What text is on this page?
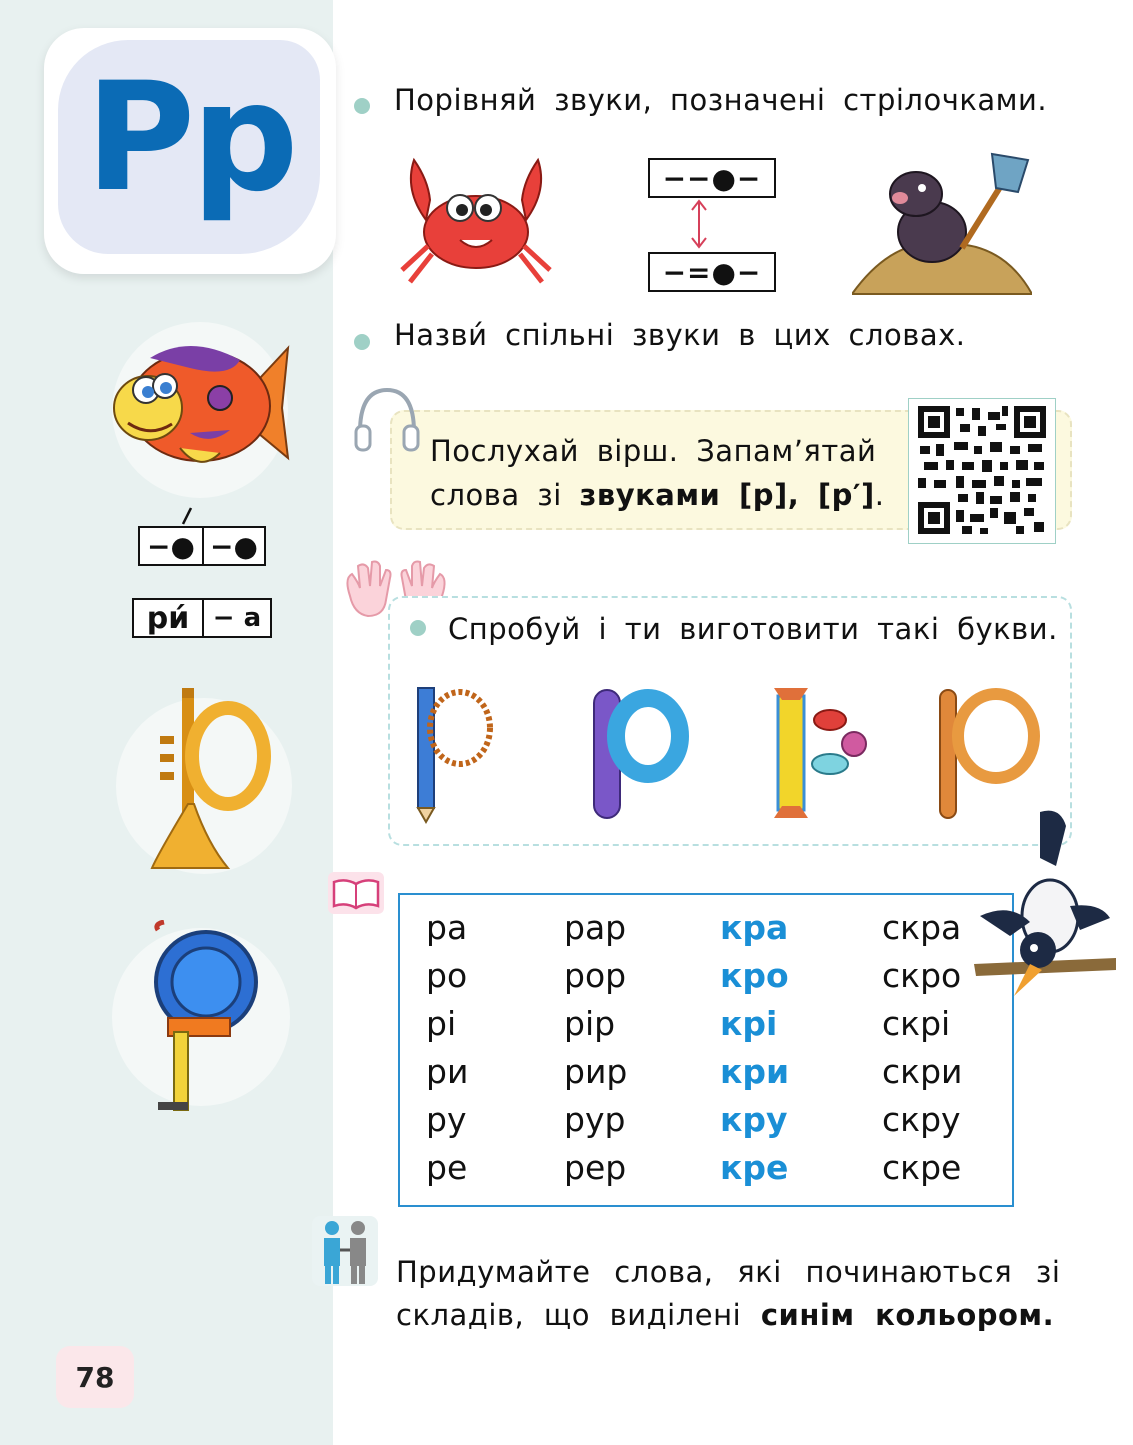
Рр
−● −●
ри́ − а
Порівняй звуки, позначені стрілочками.
−−●−
−=●−
Назви́ спільні звуки в цих словах.
Послухай вірш. Запам’ятай
слова зі звуками [р], [р′].
Спробуй і ти виготовити такі букви.
ра
ро
рі
ри
ру
ре
рар
рор
рір
рир
рур
рер
кра
кро
крі
кри
кру
кре
скра
скро
скрі
скри
скру
скре
Придумайте слова, які починаються зі
складів, що виділені синім кольором.
78
